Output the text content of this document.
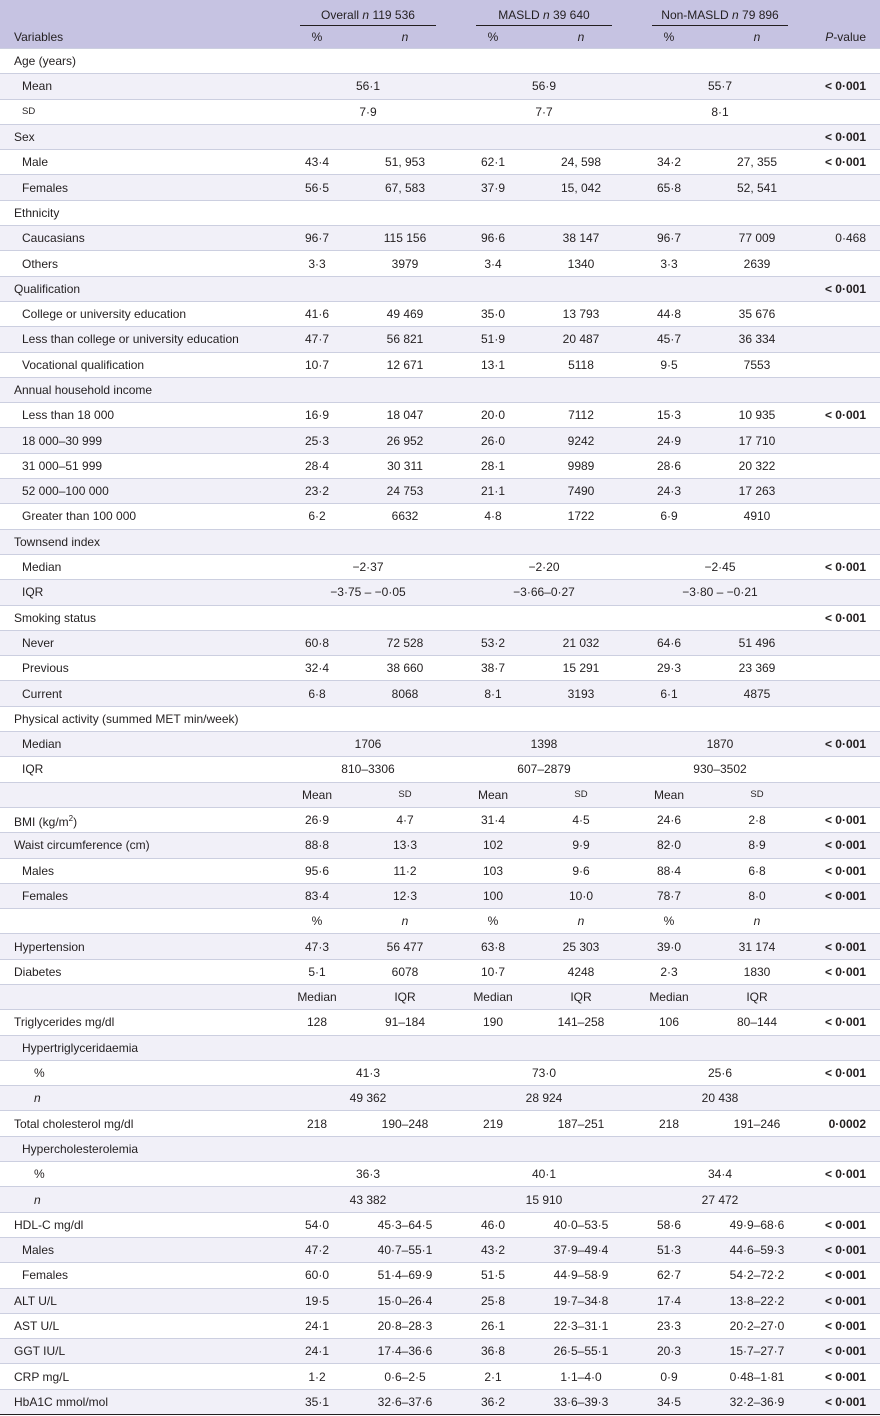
	Overall n 119 536		MASLD n 39 640		Non-MASLD n 79 896		
Variables	%	n	%	n	%	n	P-value
Age (years)							
Mean	56·1		56·9		55·7		< 0·001
SD	7·9		7·7		8·1		
Sex							< 0·001
Male	43·4	51, 953	62·1	24, 598	34·2	27, 355	< 0·001
Females	56·5	67, 583	37·9	15, 042	65·8	52, 541	
Ethnicity							
Caucasians	96·7	115 156	96·6	38 147	96·7	77 009	0·468
Others	3·3	3979	3·4	1340	3·3	2639	
Qualification							< 0·001
College or university education	41·6	49 469	35·0	13 793	44·8	35 676	
Less than college or university education	47·7	56 821	51·9	20 487	45·7	36 334	
Vocational qualification	10·7	12 671	13·1	5118	9·5	7553	
Annual household income							
Less than 18 000	16·9	18 047	20·0	7112	15·3	10 935	< 0·001
18 000–30 999	25·3	26 952	26·0	9242	24·9	17 710	
31 000–51 999	28·4	30 311	28·1	9989	28·6	20 322	
52 000–100 000	23·2	24 753	21·1	7490	24·3	17 263	
Greater than 100 000	6·2	6632	4·8	1722	6·9	4910	
Townsend index							
Median	−2·37		−2·20		−2·45		< 0·001
IQR	−3·75 – −0·05		−3·66–0·27		−3·80 – −0·21		
Smoking status							< 0·001
Never	60·8	72 528	53·2	21 032	64·6	51 496	
Previous	32·4	38 660	38·7	15 291	29·3	23 369	
Current	6·8	8068	8·1	3193	6·1	4875	
Physical activity (summed MET min/week)							
Median	1706		1398		1870		< 0·001
IQR	810–3306		607–2879		930–3502		
	Mean	SD	Mean	SD	Mean	SD	
BMI $(kg/m^2)$	26·9	4·7	31·4	4·5	24·6	2·8	< 0·001
Waist circumference (cm)	88·8	13·3	102	9·9	82·0	8·9	< 0·001
Males	95·6	11·2	103	9·6	88·4	6·8	< 0·001
Females	83·4	12·3	100	10·0	78·7	8·0	< 0·001
	%	n	%	n	%	n	
Hypertension	47·3	56 477	63·8	25 303	39·0	31 174	< 0·001
Diabetes	5·1	6078	10·7	4248	2·3	1830	< 0·001
	Median	IQR	Median	IQR	Median	IQR	
Triglycerides mg/dl	128	91–184	190	141–258	106	80–144	< 0·001
Hypertriglyceridaemia							
%	41·3		73·0		25·6		< 0·001
n	49 362		28 924		20 438		
Total cholesterol mg/dl	218	190–248	219	187–251	218	191–246	0·0002
Hypercholesterolemia							
%	36·3		40·1		34·4		< 0·001
n	43 382		15 910		27 472		
HDL-C mg/dl	54·0	45·3–64·5	46·0	40·0–53·5	58·6	49·9–68·6	< 0·001
Males	47·2	40·7–55·1	43·2	37·9–49·4	51·3	44·6–59·3	< 0·001
Females	60·0	51·4–69·9	51·5	44·9–58·9	62·7	54·2–72·2	< 0·001
ALT U/L	19·5	15·0–26·4	25·8	19·7–34·8	17·4	13·8–22·2	< 0·001
AST U/L	24·1	20·8–28·3	26·1	22·3–31·1	23·3	20·2–27·0	< 0·001
GGT IU/L	24·1	17·4–36·6	36·8	26·5–55·1	20·3	15·7–27·7	< 0·001
CRP mg/L	1·2	0·6–2·5	2·1	1·1–4·0	0·9	0·48–1·81	< 0·001
HbA1C mmol/mol	35·1	32·6–37·6	36·2	33·6–39·3	34·5	32·2–36·9	< 0·001
